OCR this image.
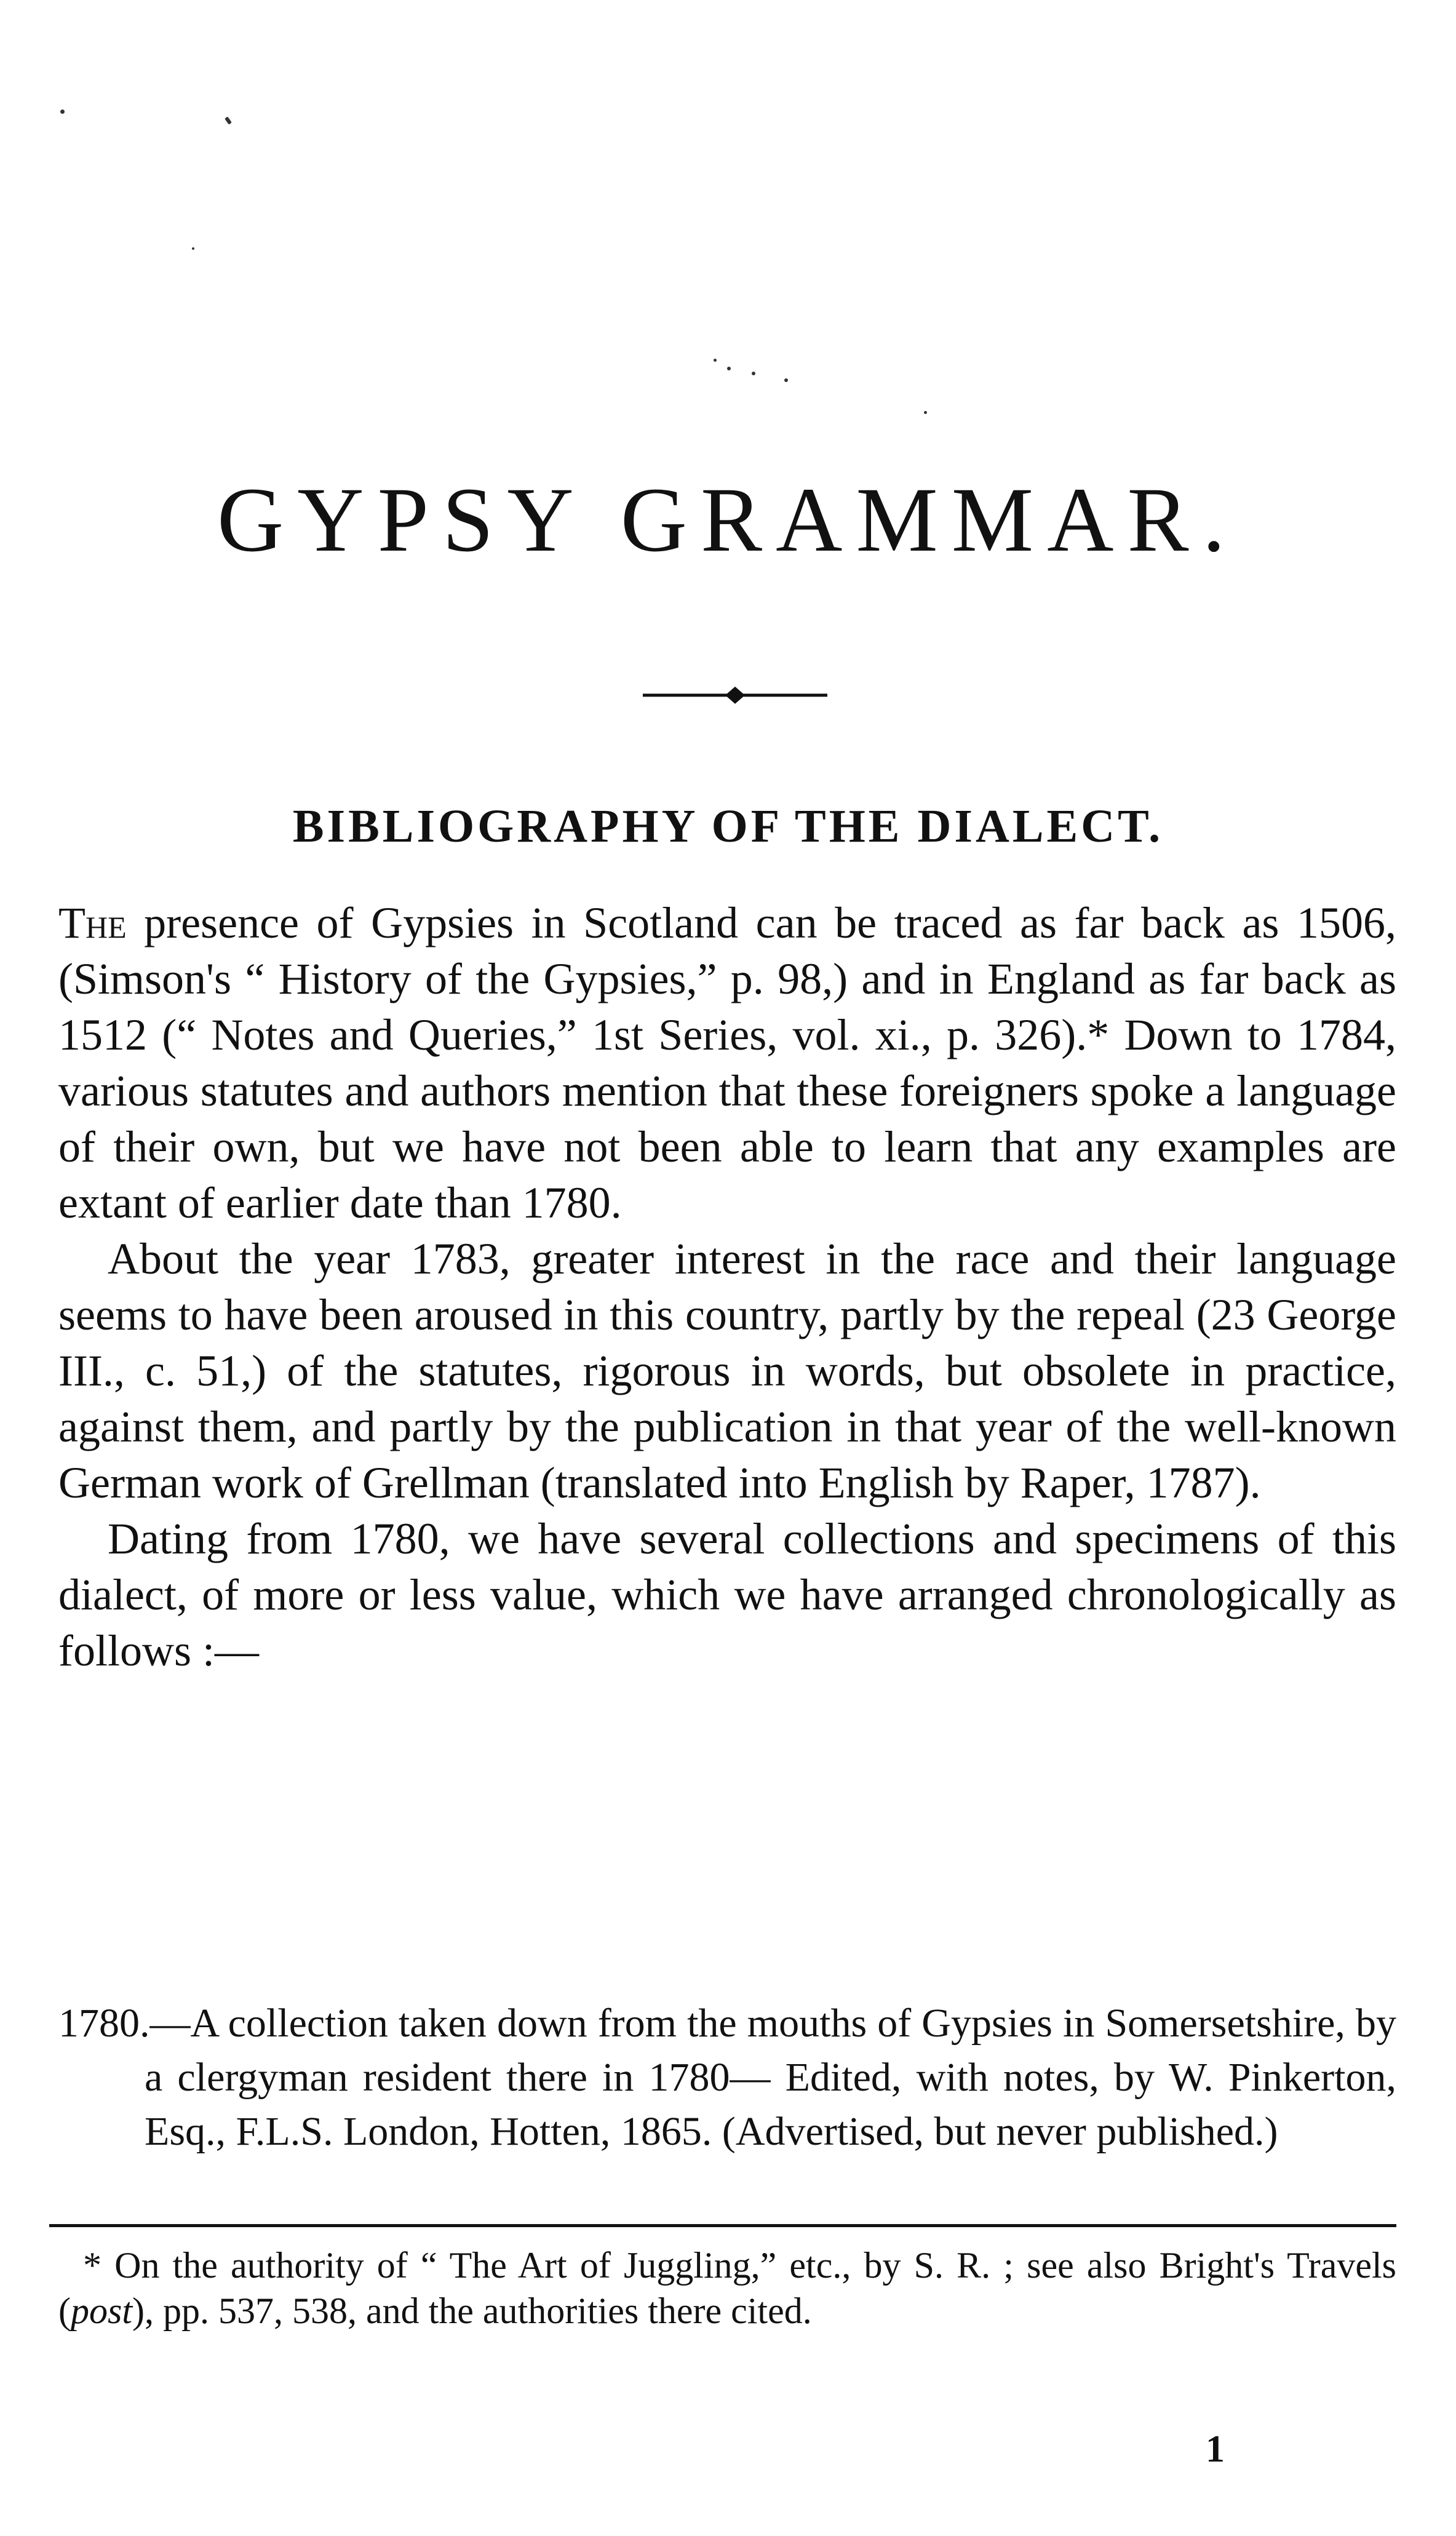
GYPSY GRAMMAR.
BIBLIOGRAPHY OF THE DIALECT.

The presence of Gypsies in Scotland can be traced as far back as 1506, (Simson's “ History of the Gypsies,” p. 98,) and in England as far back as 1512 (“ Notes and Queries,” 1st Series, vol. xi., p. 326).* Down to 1784, various statutes and authors mention that these foreigners spoke a language of their own, but we have not been able to learn that any examples are extant of earlier date than 1780.

About the year 1783, greater interest in the race and their language seems to have been aroused in this country, partly by the repeal (23 George III., c. 51,) of the statutes, rigorous in words, but obsolete in practice, against them, and partly by the publication in that year of the well-known German work of Grellman (translated into English by Raper, 1787).

Dating from 1780, we have several collections and specimens of this dialect, of more or less value, which we have arranged chronologically as follows :—

1780.—A collection taken down from the mouths of Gypsies in Somersetshire, by a clergyman resident there in 1780— Edited, with notes, by W. Pinkerton, Esq., F.L.S. London, Hotten, 1865. (Advertised, but never published.)

* On the authority of “ The Art of Juggling,” etc., by S. R. ; see also Bright's Travels (post), pp. 537, 538, and the authorities there cited.

1
